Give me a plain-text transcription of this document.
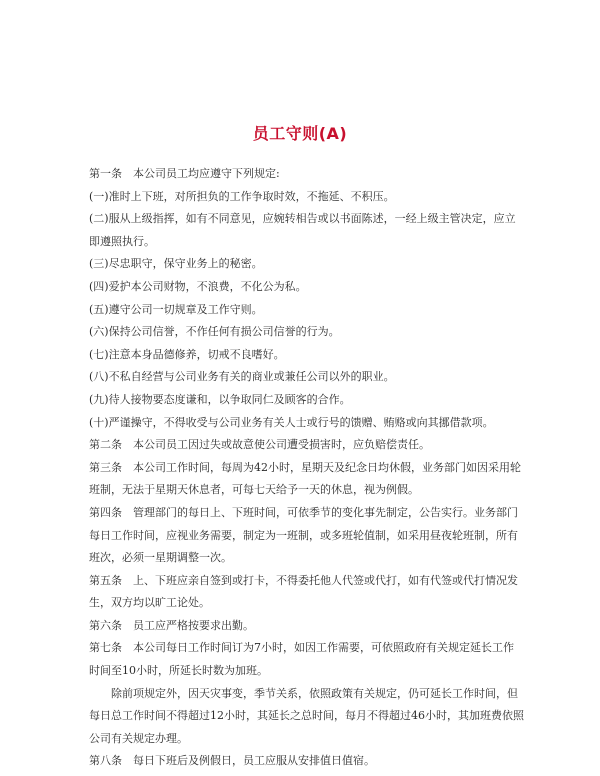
员工守则(A)

第一条　本公司员工均应遵守下列规定:

(一)准时上下班，对所担负的工作争取时效，不拖延、不积压。

(二)服从上级指挥，如有不同意见，应婉转相告或以书面陈述，一经上级主管决定，应立即遵照执行。

(三)尽忠职守，保守业务上的秘密。

(四)爱护本公司财物，不浪费，不化公为私。

(五)遵守公司一切规章及工作守则。

(六)保持公司信誉，不作任何有损公司信誉的行为。

(七)注意本身品德修养，切戒不良嗜好。

(八)不私自经营与公司业务有关的商业或兼任公司以外的职业。

(九)待人接物要态度谦和，以争取同仁及顾客的合作。

(十)严谨操守，不得收受与公司业务有关人士或行号的馈赠、贿赂或向其挪借款项。

第二条　本公司员工因过失或故意使公司遭受损害时，应负赔偿责任。

第三条　本公司工作时间，每周为42小时，星期天及纪念日均休假，业务部门如因采用轮班制，无法于星期天休息者，可每七天给予一天的休息，视为例假。

第四条　管理部门的每日上、下班时间，可依季节的变化事先制定，公告实行。业务部门每日工作时间，应视业务需要，制定为一班制，或多班轮值制，如采用昼夜轮班制，所有班次，必须一星期调整一次。

第五条　上、下班应亲自签到或打卡，不得委托他人代签或代打，如有代签或代打情况发生，双方均以旷工论处。

第六条　员工应严格按要求出勤。

第七条　本公司每日工作时间订为7小时，如因工作需要，可依照政府有关规定延长工作时间至10小时，所延长时数为加班。

除前项规定外，因天灾事变，季节关系，依照政策有关规定，仍可延长工作时间，但每日总工作时间不得超过12小时，其延长之总时间，每月不得超过46小时，其加班费依照公司有关规定办理。

第八条　每日下班后及例假日，员工应服从安排值日值宿。
